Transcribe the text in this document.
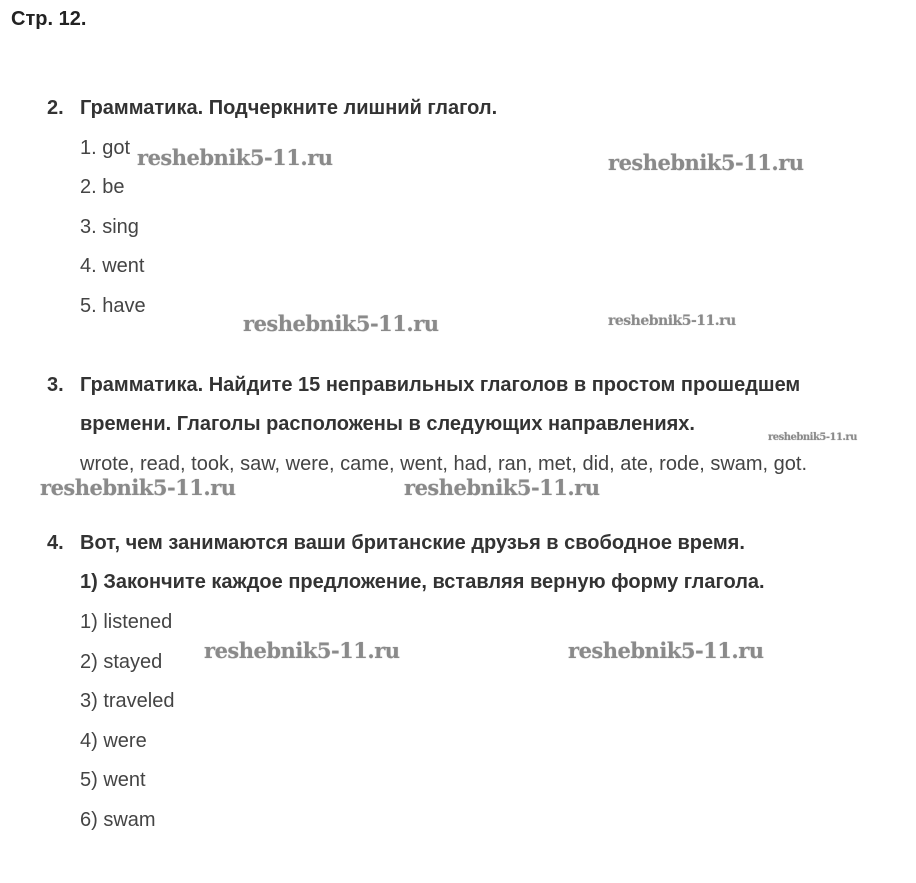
Стр. 12.
2. Грамматика. Подчеркните лишний глагол.
1. got
2. be
3. sing
4. went
5. have
3. Грамматика. Найдите 15 неправильных глаголов в простом прошедшем
времени. Глаголы расположены в следующих направлениях.
wrote, read, took, saw, were, came, went, had, ran, met, did, ate, rode, swam, got.
4. Вот, чем занимаются ваши британские друзья в свободное время.
1) Закончите каждое предложение, вставляя верную форму глагола.
1) listened
2) stayed
3) traveled
4) were
5) went
6) swam
reshebnik5-11.ru	reshebnik5-11.ru
reshebnik5-11.ru	reshebnik5-11.ru
reshebnik5-11.ru
reshebnik5-11.ru	reshebnik5-11.ru
reshebnik5-11.ru	reshebnik5-11.ru
